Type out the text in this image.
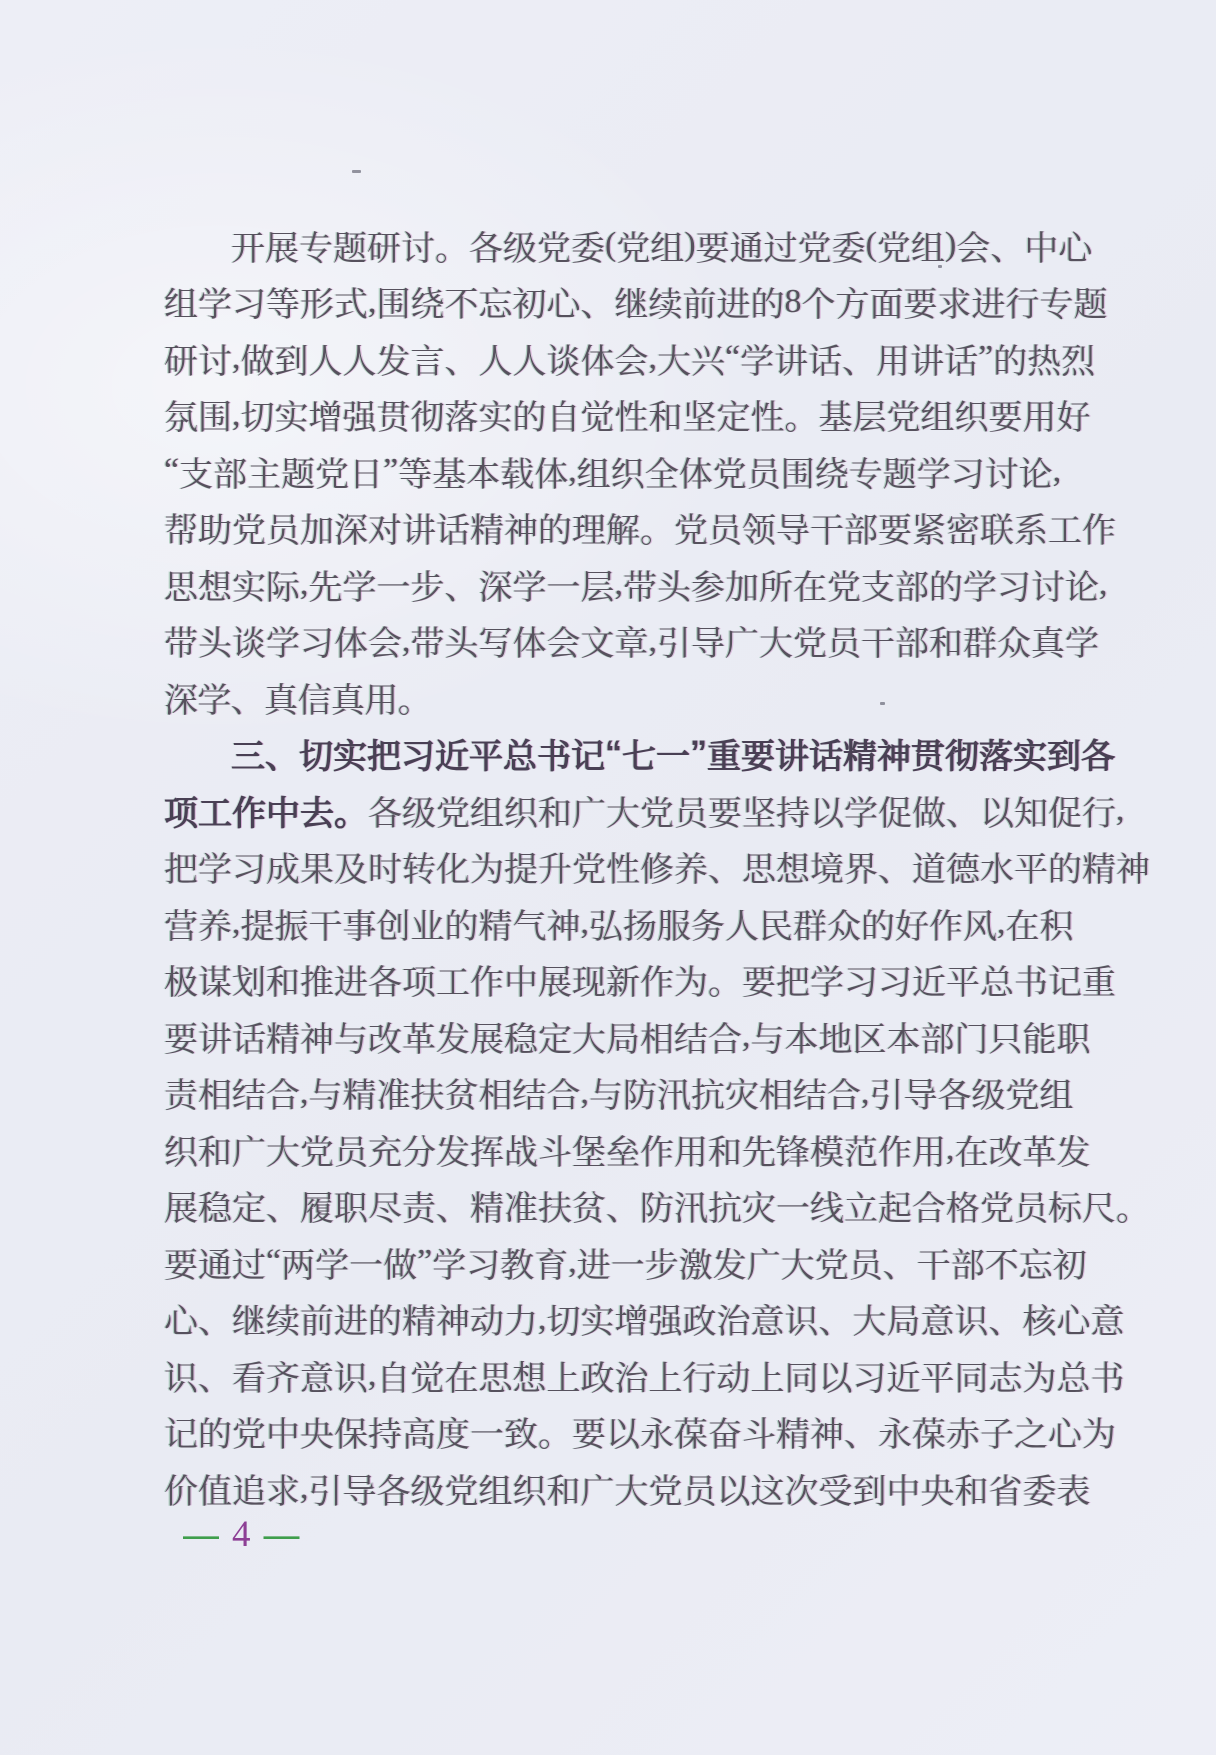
开 展 专 题 研 讨 。 各 级 党 委 ( 党 组 ) 要 通 过 党 委 ( 党 组 ) 会 、 中 心
组 学 习 等 形 式 , 围 绕 不 忘 初 心 、 继 续 前 进 的 8 个 方 面 要 求 进 行 专 题
研 讨 , 做 到 人 人 发 言 、 人 人 谈 体 会 , 大 兴 “ 学 讲 话 、 用 讲 话 ” 的 热 烈
氛 围 , 切 实 增 强 贯 彻 落 实 的 自 觉 性 和 坚 定 性 。 基 层 党 组 织 要 用 好
“ 支 部 主 题 党 日 ” 等 基 本 载 体 , 组 织 全 体 党 员 围 绕 专 题 学 习 讨 论 ,
帮 助 党 员 加 深 对 讲 话 精 神 的 理 解 。 党 员 领 导 干 部 要 紧 密 联 系 工 作
思 想 实 际 , 先 学 一 步 、 深 学 一 层 , 带 头 参 加 所 在 党 支 部 的 学 习 讨 论 ,
带 头 谈 学 习 体 会 , 带 头 写 体 会 文 章 , 引 导 广 大 党 员 干 部 和 群 众 真 学
深 学 、 真 信 真 用 。
三 、 切 实 把 习 近 平 总 书 记 “ 七 一 ” 重 要 讲 话 精 神 贯 彻 落 实 到 各
项 工 作 中 去 。 各 级 党 组 织 和 广 大 党 员 要 坚 持 以 学 促 做 、 以 知 促 行 ,
把 学 习 成 果 及 时 转 化 为 提 升 党 性 修 养 、 思 想 境 界 、 道 德 水 平 的 精 神
营 养 , 提 振 干 事 创 业 的 精 气 神 , 弘 扬 服 务 人 民 群 众 的 好 作 风 , 在 积
极 谋 划 和 推 进 各 项 工 作 中 展 现 新 作 为 。 要 把 学 习 习 近 平 总 书 记 重
要 讲 话 精 神 与 改 革 发 展 稳 定 大 局 相 结 合 , 与 本 地 区 本 部 门 只 能 职
责 相 结 合 , 与 精 准 扶 贫 相 结 合 , 与 防 汛 抗 灾 相 结 合 , 引 导 各 级 党 组
织 和 广 大 党 员 充 分 发 挥 战 斗 堡 垒 作 用 和 先 锋 模 范 作 用 , 在 改 革 发
展 稳 定 、 履 职 尽 责 、 精 准 扶 贫 、 防 汛 抗 灾 一 线 立 起 合 格 党 员 标 尺 。
要 通 过 “ 两 学 一 做 ” 学 习 教 育 , 进 一 步 激 发 广 大 党 员 、 干 部 不 忘 初
心 、 继 续 前 进 的 精 神 动 力 , 切 实 增 强 政 治 意 识 、 大 局 意 识 、 核 心 意
识 、 看 齐 意 识 , 自 觉 在 思 想 上 政 治 上 行 动 上 同 以 习 近 平 同 志 为 总 书
记 的 党 中 央 保 持 高 度 一 致 。 要 以 永 葆 奋 斗 精 神 、 永 葆 赤 子 之 心 为
价 值 追 求 , 引 导 各 级 党 组 织 和 广 大 党 员 以 这 次 受 到 中 央 和 省 委 表
— 4 —
